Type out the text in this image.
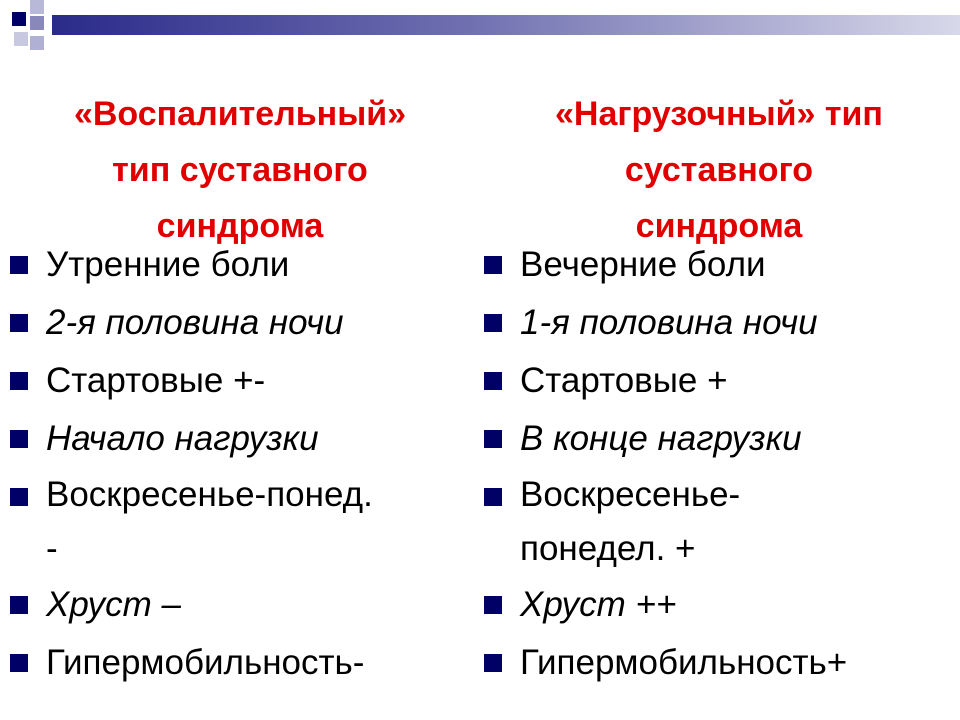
«Воспалительный»
тип суставного
синдрома
Утренние боли
2-я половина ночи
Стартовые +-
Начало нагрузки
Воскресенье-понед.
-
Хруст –
Гипермобильность-
«Нагрузочный» тип
суставного
синдрома
Вечерние боли
1-я половина ночи
Стартовые +
В конце нагрузки
Воскресенье-
понедел. +
Хруст ++
Гипермобильность+
